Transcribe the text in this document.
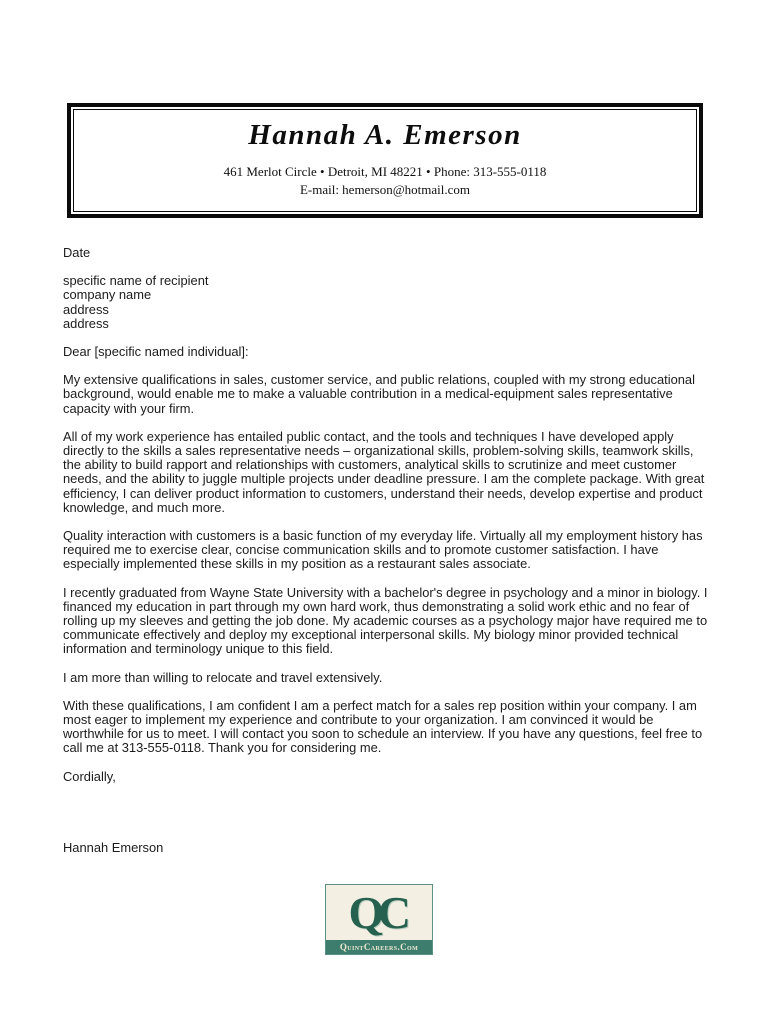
Hannah A. Emerson
461 Merlot Circle • Detroit, MI 48221 • Phone: 313-555-0118
E-mail: hemerson@hotmail.com

Date

specific name of recipient
company name
address
address

Dear [specific named individual]:

My extensive qualifications in sales, customer service, and public relations, coupled with my strong educational background, would enable me to make a valuable contribution in a medical-equipment sales representative capacity with your firm.

All of my work experience has entailed public contact, and the tools and techniques I have developed apply directly to the skills a sales representative needs – organizational skills, problem-solving skills, teamwork skills, the ability to build rapport and relationships with customers, analytical skills to scrutinize and meet customer needs, and the ability to juggle multiple projects under deadline pressure. I am the complete package. With great efficiency, I can deliver product information to customers, understand their needs, develop expertise and product knowledge, and much more.

Quality interaction with customers is a basic function of my everyday life. Virtually all my employment history has required me to exercise clear, concise communication skills and to promote customer satisfaction. I have especially implemented these skills in my position as a restaurant sales associate.

I recently graduated from Wayne State University with a bachelor's degree in psychology and a minor in biology. I financed my education in part through my own hard work, thus demonstrating a solid work ethic and no fear of rolling up my sleeves and getting the job done. My academic courses as a psychology major have required me to communicate effectively and deploy my exceptional interpersonal skills. My biology minor provided technical information and terminology unique to this field.

I am more than willing to relocate and travel extensively.

With these qualifications, I am confident I am a perfect match for a sales rep position within your company. I am most eager to implement my experience and contribute to your organization. I am convinced it would be worthwhile for us to meet. I will contact you soon to schedule an interview. If you have any questions, feel free to call me at 313-555-0118. Thank you for considering me.

Cordially,

Hannah Emerson

QC
QuintCareers.Com
